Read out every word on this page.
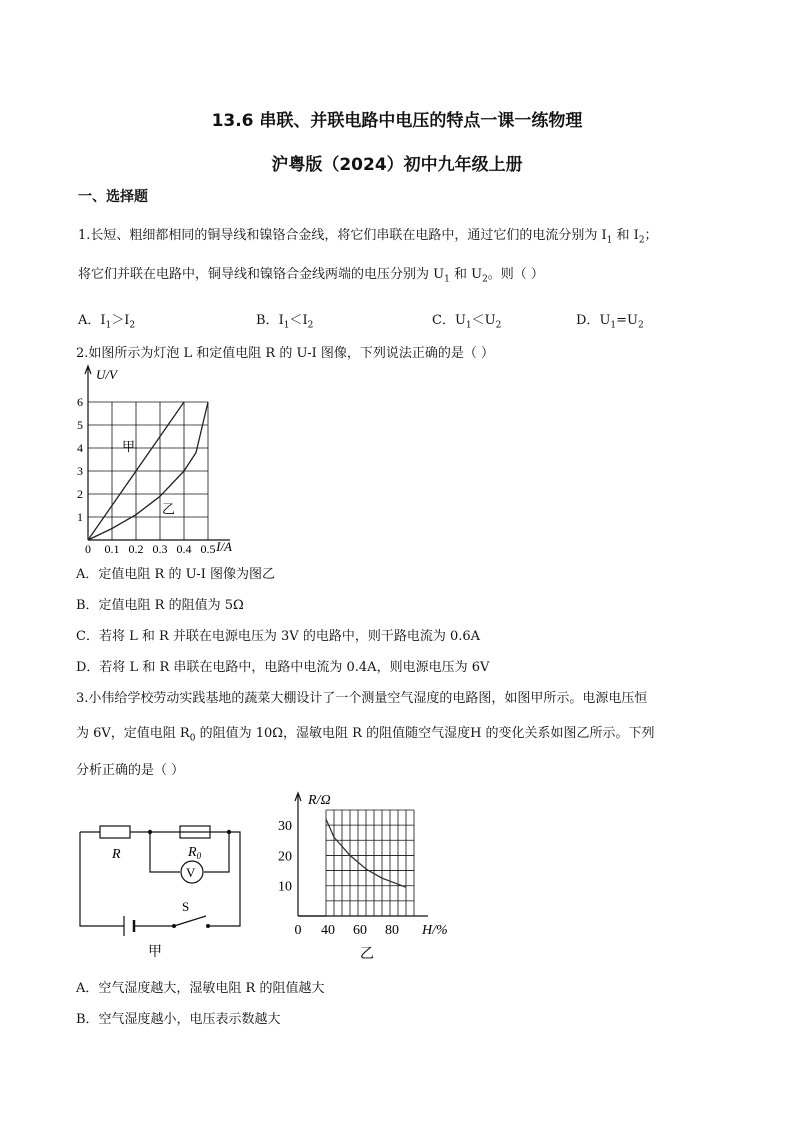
13.6 串联、并联电路中电压的特点一课一练物理
沪粤版（2024）初中九年级上册
一、选择题
1.长短、粗细都相同的铜导线和镍铬合金线，将它们串联在电路中，通过它们的电流分别为 $I_1$ 和 $I_2$；
将它们并联在电路中，铜导线和镍铬合金线两端的电压分别为 $U_1$ 和 $U_2$。则（ ）
A．$I_1>I_2$	B．$I_1<I_2$	C．$U_1<U_2$	D．$U_1=U_2$
2.如图所示为灯泡 L 和定值电阻 R 的 U-I 图像，下列说法正确的是（ ）
U/V
I/A
1
2
3
4
5
6
0 0.1 0.2 0.3 0.4 0.5
甲
乙
A．定值电阻 R 的 U-I 图像为图乙
B．定值电阻 R 的阻值为 5Ω
C．若将 L 和 R 并联在电源电压为 3V 的电路中，则干路电流为 0.6A
D．若将 L 和 R 串联在电路中，电路中电流为 0.4A，则电源电压为 6V
3.小伟给学校劳动实践基地的蔬菜大棚设计了一个测量空气湿度的电路图，如图甲所示。电源电压恒
为 6V，定值电阻 $R_0$ 的阻值为 10Ω，湿敏电阻 R 的阻值随空气湿度H 的变化关系如图乙所示。下列
分析正确的是（ ）
R	$R_0$
V
S
甲
R/Ω
H/%
10
20
30
0 40 60 80
乙
A．空气湿度越大，湿敏电阻 R 的阻值越大
B．空气湿度越小，电压表示数越大
